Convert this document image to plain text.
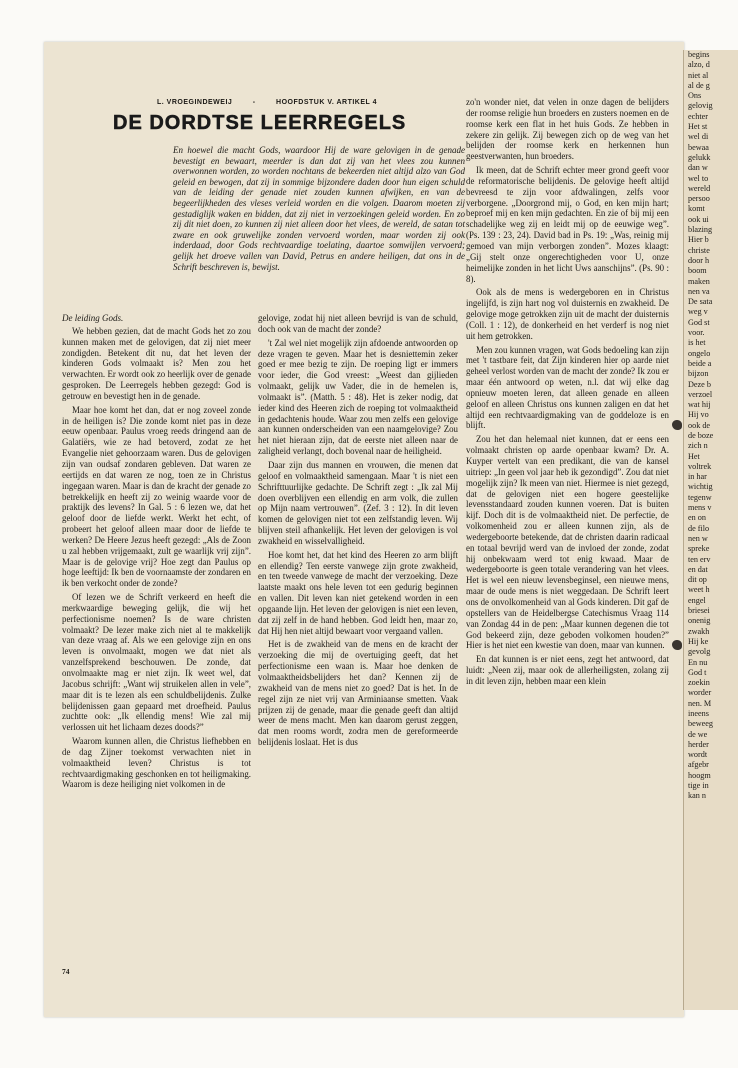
begins

alzo, d

niet al

al de g

Ons

gelovig

echter

Het st

wel di

bewaa

gelukk

dan w

wel to

wereld

persoo

komt

ook ui

blazing

Hier b

christe

door h

boom

maken

nen va

De sata

weg v

God st

voor.

is het

ongelo

beide a

bijzon

Deze b

verzoel

wat hij

Hij vo

ook de

de boze

zich n

Het

voltrek

in har

wichtig

tegenw

mens v

en on

de filo

nen w

spreke

ten erv

en dat

dit op

weet h

engel

briesei

onenig

zwakh

Hij ke

gevolg

En nu

God t

zoekin

worder

nen. M

ineens

beweeg

de we

herder

wordt

afgebr

hoogm

tige in

kan n

L. VROEGINDEWEIJ	-	HOOFDSTUK V. ARTIKEL 4
DE DORDTSE LEERREGELS

En hoewel die macht Gods, waardoor Hij de ware gelovigen in de genade bevestigt en bewaart, meerder is dan dat zij van het vlees zou kunnen overwonnen worden, zo worden nochtans de bekeerden niet altijd alzo van God geleid en bewogen, dat zij in sommige bijzondere daden door hun eigen schuld van de leiding der genade niet zouden kunnen afwijken, en van de begeerlijkheden des vleses verleid worden en die volgen. Daarom moeten zij gestadiglijk waken en bidden, dat zij niet in verzoekingen geleid worden. En zo zij dit niet doen, zo kunnen zij niet alleen door het vlees, de wereld, de satan tot zware en ook gruwelijke zonden vervoerd worden, maar worden zij ook inderdaad, door Gods rechtvaardige toelating, daartoe somwijlen vervoerd; gelijk het droeve vallen van David, Petrus en andere heiligen, dat ons in de Schrift beschreven is, bewijst.

De leiding Gods.

We hebben gezien, dat de macht Gods het zo zou kunnen maken met de gelovigen, dat zij niet meer zondigden. Betekent dit nu, dat het leven der kinderen Gods volmaakt is? Men zou het verwachten. Er wordt ook zo heerlijk over de genade gesproken. De Leerregels hebben gezegd: God is getrouw en bevestigt hen in de genade.

Maar hoe komt het dan, dat er nog zoveel zonde in de heiligen is? Die zonde komt niet pas in deze eeuw openbaar. Paulus vroeg reeds dringend aan de Galatiërs, wie ze had betoverd, zodat ze het Evangelie niet gehoorzaam waren. Dus de gelovigen zijn van oudsaf zondaren gebleven. Dat waren ze eertijds en dat waren ze nog, toen ze in Christus ingegaan waren. Maar is dan de kracht der genade zo betrekkelijk en heeft zij zo weinig waarde voor de praktijk des levens? In Gal. 5 : 6 lezen we, dat het geloof door de liefde werkt. Werkt het echt, of probeert het geloof alleen maar door de liefde te werken? De Heere Jezus heeft gezegd: „Als de Zoon u zal hebben vrijgemaakt, zult ge waarlijk vrij zijn”. Maar is de gelovige vrij? Hoe zegt dan Paulus op hoge leeftijd: Ik ben de voornaamste der zondaren en ik ben verkocht onder de zonde?

Of lezen we de Schrift verkeerd en heeft die merkwaardige beweging gelijk, die wij het perfectionisme noemen? Is de ware christen volmaakt? De lezer make zich niet al te makkelijk van deze vraag af. Als we een gelovige zijn en ons leven is onvolmaakt, mogen we dat niet als vanzelfsprekend beschouwen. De zonde, dat onvolmaakte mag er niet zijn. Ik weet wel, dat Jacobus schrijft: „Want wij struikelen allen in vele”, maar dit is te lezen als een schuldbelijdenis. Zulke belijdenissen gaan gepaard met droefheid. Paulus zuchtte ook: „Ik ellendig mens! Wie zal mij verlossen uit het lichaam dezes doods?”

Waarom kunnen allen, die Christus liefhebben en de dag Zijner toekomst verwachten niet in volmaaktheid leven? Christus is tot rechtvaardigmaking geschonken en tot heiligmaking. Waarom is deze heiliging niet volkomen in de

gelovige, zodat hij niet alleen bevrijd is van de schuld, doch ook van de macht der zonde?

't Zal wel niet mogelijk zijn afdoende antwoorden op deze vragen te geven. Maar het is desniettemin zeker goed er mee bezig te zijn. De roeping ligt er immers voor ieder, die God vreest: „Weest dan gijlieden volmaakt, gelijk uw Vader, die in de hemelen is, volmaakt is”. (Matth. 5 : 48). Het is zeker nodig, dat ieder kind des Heeren zich de roeping tot volmaaktheid in gedachtenis houde. Waar zou men zelfs een gelovige aan kunnen onderscheiden van een naamgelovige? Zou het niet hieraan zijn, dat de eerste niet alleen naar de zaligheid verlangt, doch bovenal naar de heiligheid.

Daar zijn dus mannen en vrouwen, die menen dat geloof en volmaaktheid samengaan. Maar 't is niet een Schrifttuurlijke gedachte. De Schrift zegt : „Ik zal Mij doen overblijven een ellendig en arm volk, die zullen op Mijn naam vertrouwen”. (Zef. 3 : 12). In dit leven komen de gelovigen niet tot een zelfstandig leven. Wij blijven steil afhankelijk. Het leven der gelovigen is vol zwakheid en wisselvalligheid.

Hoe komt het, dat het kind des Heeren zo arm blijft en ellendig? Ten eerste vanwege zijn grote zwakheid, en ten tweede vanwege de macht der verzoeking. Deze laatste maakt ons hele leven tot een gedurig beginnen en vallen. Dit leven kan niet getekend worden in een opgaande lijn. Het leven der gelovigen is niet een leven, dat zij zelf in de hand hebben. God leidt hen, maar zo, dat Hij hen niet altijd bewaart voor vergaand vallen.

Het is de zwakheid van de mens en de kracht der verzoeking die mij de overtuiging geeft, dat het perfectionisme een waan is. Maar hoe denken de volmaaktheidsbelijders het dan? Kennen zij de zwakheid van de mens niet zo goed? Dat is het. In de regel zijn ze niet vrij van Arminiaanse smetten. Vaak prijzen zij de genade, maar die genade geeft dan altijd weer de mens macht. Men kan daarom gerust zeggen, dat men rooms wordt, zodra men de gereformeerde belijdenis loslaat. Het is dus

zo'n wonder niet, dat velen in onze dagen de belijders der roomse religie hun broeders en zusters noemen en de roomse kerk een flat in het huis Gods. Ze hebben in zekere zin gelijk. Zij bewegen zich op de weg van het belijden der roomse kerk en herkennen hun geestverwanten, hun broeders.

Ik meen, dat de Schrift echter meer grond geeft voor de reformatorische belijdenis. De gelovige heeft altijd bevreesd te zijn voor afdwalingen, zelfs voor verborgene. „Doorgrond mij, o God, en ken mijn hart; beproef mij en ken mijn gedachten. En zie of bij mij een schadelijke weg zij en leidt mij op de eeuwige weg”. (Ps. 139 : 23, 24). David bad in Ps. 19: „Was, reinig mij gemoed van mijn verborgen zonden”. Mozes klaagt: „Gij stelt onze ongerechtigheden voor U, onze heimelijke zonden in het licht Uws aanschijns”. (Ps. 90 : 8).

Ook als de mens is wedergeboren en in Christus ingelijfd, is zijn hart nog vol duisternis en zwakheid. De gelovige moge getrokken zijn uit de macht der duisternis (Coll. 1 : 12), de donkerheid en het verderf is nog niet uit hem getrokken.

Men zou kunnen vragen, wat Gods bedoeling kan zijn met 't tastbare feit, dat Zijn kinderen hier op aarde niet geheel verlost worden van de macht der zonde? Ik zou er maar één antwoord op weten, n.l. dat wij elke dag opnieuw moeten leren, dat alleen genade en alleen geloof en alleen Christus ons kunnen zaligen en dat het altijd een rechtvaardigmaking van de goddeloze is en blijft.

Zou het dan helemaal niet kunnen, dat er eens een volmaakt christen op aarde openbaar kwam? Dr. A. Kuyper vertelt van een predikant, die van de kansel uitriep: „In geen vol jaar heb ik gezondigd”. Zou dat niet mogelijk zijn? Ik meen van niet. Hiermee is niet gezegd, dat de gelovigen niet een hogere geestelijke levensstandaard zouden kunnen voeren. Dat is buiten kijf. Doch dit is de volmaaktheid niet. De perfectie, de volkomenheid zou er alleen kunnen zijn, als de wedergeboorte betekende, dat de christen daarin radicaal en totaal bevrijd werd van de invloed der zonde, zodat hij onbekwaam werd tot enig kwaad. Maar de wedergeboorte is geen totale verandering van het vlees. Het is wel een nieuw levensbeginsel, een nieuwe mens, maar de oude mens is niet weggedaan. De Schrift leert ons de onvolkomenheid van al Gods kinderen. Dit gaf de opstellers van de Heidelbergse Catechismus Vraag 114 van Zondag 44 in de pen: „Maar kunnen degenen die tot God bekeerd zijn, deze geboden volkomen houden?” Hier is het niet een kwestie van doen, maar van kunnen.

En dat kunnen is er niet eens, zegt het antwoord, dat luidt: „Neen zij, maar ook de allerheiligsten, zolang zij in dit leven zijn, hebben maar een klein

74
